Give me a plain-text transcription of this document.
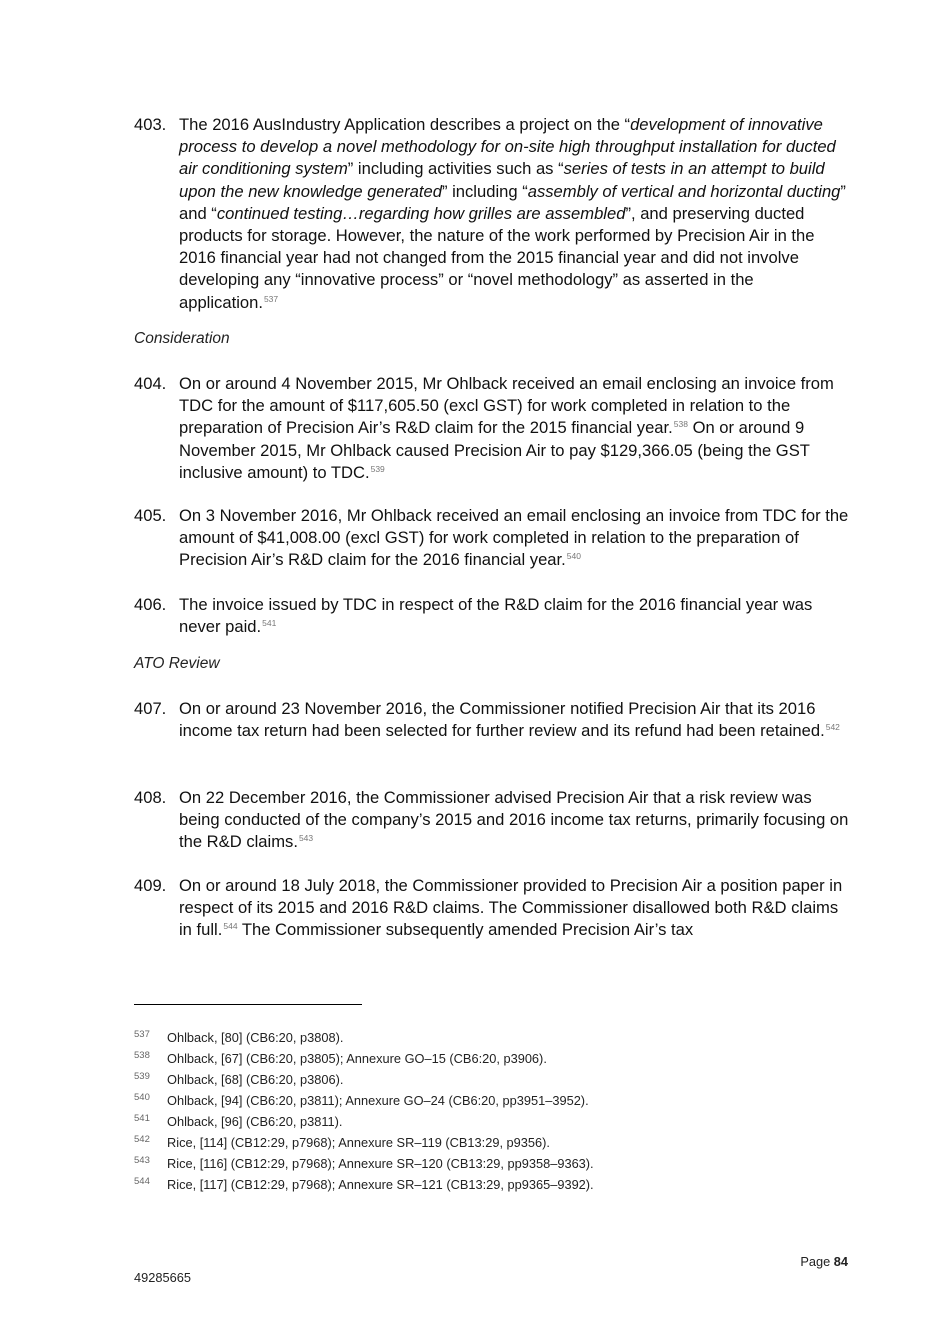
403. The 2016 AusIndustry Application describes a project on the “development of innovative process to develop a novel methodology for on-site high throughput installation for ducted air conditioning system” including activities such as “series of tests in an attempt to build upon the new knowledge generated” including “assembly of vertical and horizontal ducting” and “continued testing…regarding how grilles are assembled”, and preserving ducted products for storage. However, the nature of the work performed by Precision Air in the 2016 financial year had not changed from the 2015 financial year and did not involve developing any “innovative process” or “novel methodology” as asserted in the application.$^{537}$
Consideration
404. On or around 4 November 2015, Mr Ohlback received an email enclosing an invoice from TDC for the amount of $117,605.50 (excl GST) for work completed in relation to the preparation of Precision Air’s R&D claim for the 2015 financial year.$^{538}$ On or around 9 November 2015, Mr Ohlback caused Precision Air to pay $129,366.05 (being the GST inclusive amount) to TDC.$^{539}$
405. On 3 November 2016, Mr Ohlback received an email enclosing an invoice from TDC for the amount of $41,008.00 (excl GST) for work completed in relation to the preparation of Precision Air’s R&D claim for the 2016 financial year.$^{540}$
406. The invoice issued by TDC in respect of the R&D claim for the 2016 financial year was never paid.$^{541}$
ATO Review
407. On or around 23 November 2016, the Commissioner notified Precision Air that its 2016 income tax return had been selected for further review and its refund had been retained.$^{542}$
408. On 22 December 2016, the Commissioner advised Precision Air that a risk review was being conducted of the company’s 2015 and 2016 income tax returns, primarily focusing on the R&D claims.$^{543}$
409. On or around 18 July 2018, the Commissioner provided to Precision Air a position paper in respect of its 2015 and 2016 R&D claims. The Commissioner disallowed both R&D claims in full.$^{544}$ The Commissioner subsequently amended Precision Air’s tax
537 Ohlback, [80] (CB6:20, p3808).
538 Ohlback, [67] (CB6:20, p3805); Annexure GO–15 (CB6:20, p3906).
539 Ohlback, [68] (CB6:20, p3806).
540 Ohlback, [94] (CB6:20, p3811); Annexure GO–24 (CB6:20, pp3951–3952).
541 Ohlback, [96] (CB6:20, p3811).
542 Rice, [114] (CB12:29, p7968); Annexure SR–119 (CB13:29, p9356).
543 Rice, [116] (CB12:29, p7968); Annexure SR–120 (CB13:29, pp9358–9363).
544 Rice, [117] (CB12:29, p7968); Annexure SR–121 (CB13:29, pp9365–9392).
Page 84
49285665
